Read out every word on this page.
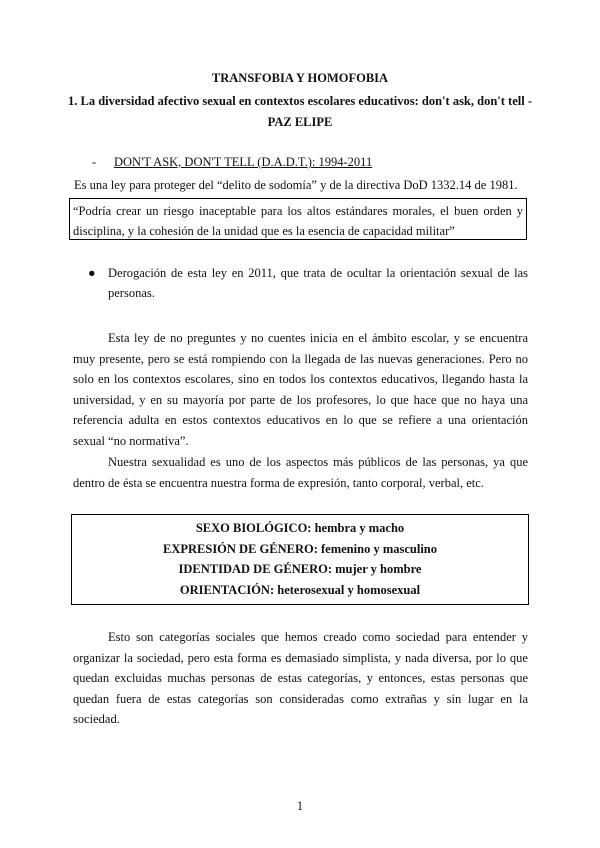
TRANSFOBIA Y HOMOFOBIA
1. La diversidad afectivo sexual en contextos escolares educativos: don't ask, don't tell -
PAZ ELIPE
- DON'T ASK, DON'T TELL (D.A.D.T.): 1994-2011
Es una ley para proteger del “delito de sodomía” y de la directiva DoD 1332.14 de 1981.
“Podría crear un riesgo inaceptable para los altos estándares morales, el buen orden y disciplina, y la cohesión de la unidad que es la esencia de capacidad militar”
● Derogación de esta ley en 2011, que trata de ocultar la orientación sexual de las
personas.
Esta ley de no preguntes y no cuentes inicia en el ámbito escolar, y se encuentra muy presente, pero se está rompiendo con la llegada de las nuevas generaciones. Pero no solo en los contextos escolares, sino en todos los contextos educativos, llegando hasta la universidad, y en su mayoría por parte de los profesores, lo que hace que no haya una referencia adulta en estos contextos educativos en lo que se refiere a una orientación sexual “no normativa”.
Nuestra sexualidad es uno de los aspectos más públicos de las personas, ya que dentro de ésta se encuentra nuestra forma de expresión, tanto corporal, verbal, etc.
SEXO BIOLÓGICO: hembra y macho
EXPRESIÓN DE GÉNERO: femenino y masculino
IDENTIDAD DE GÉNERO: mujer y hombre
ORIENTACIÓN: heterosexual y homosexual
Esto son categorías sociales que hemos creado como sociedad para entender y organizar la sociedad, pero esta forma es demasiado simplista, y nada diversa, por lo que quedan excluidas muchas personas de estas categorías, y entonces, estas personas que quedan fuera de estas categorías son consideradas como extrañas y sin lugar en la sociedad.
1
